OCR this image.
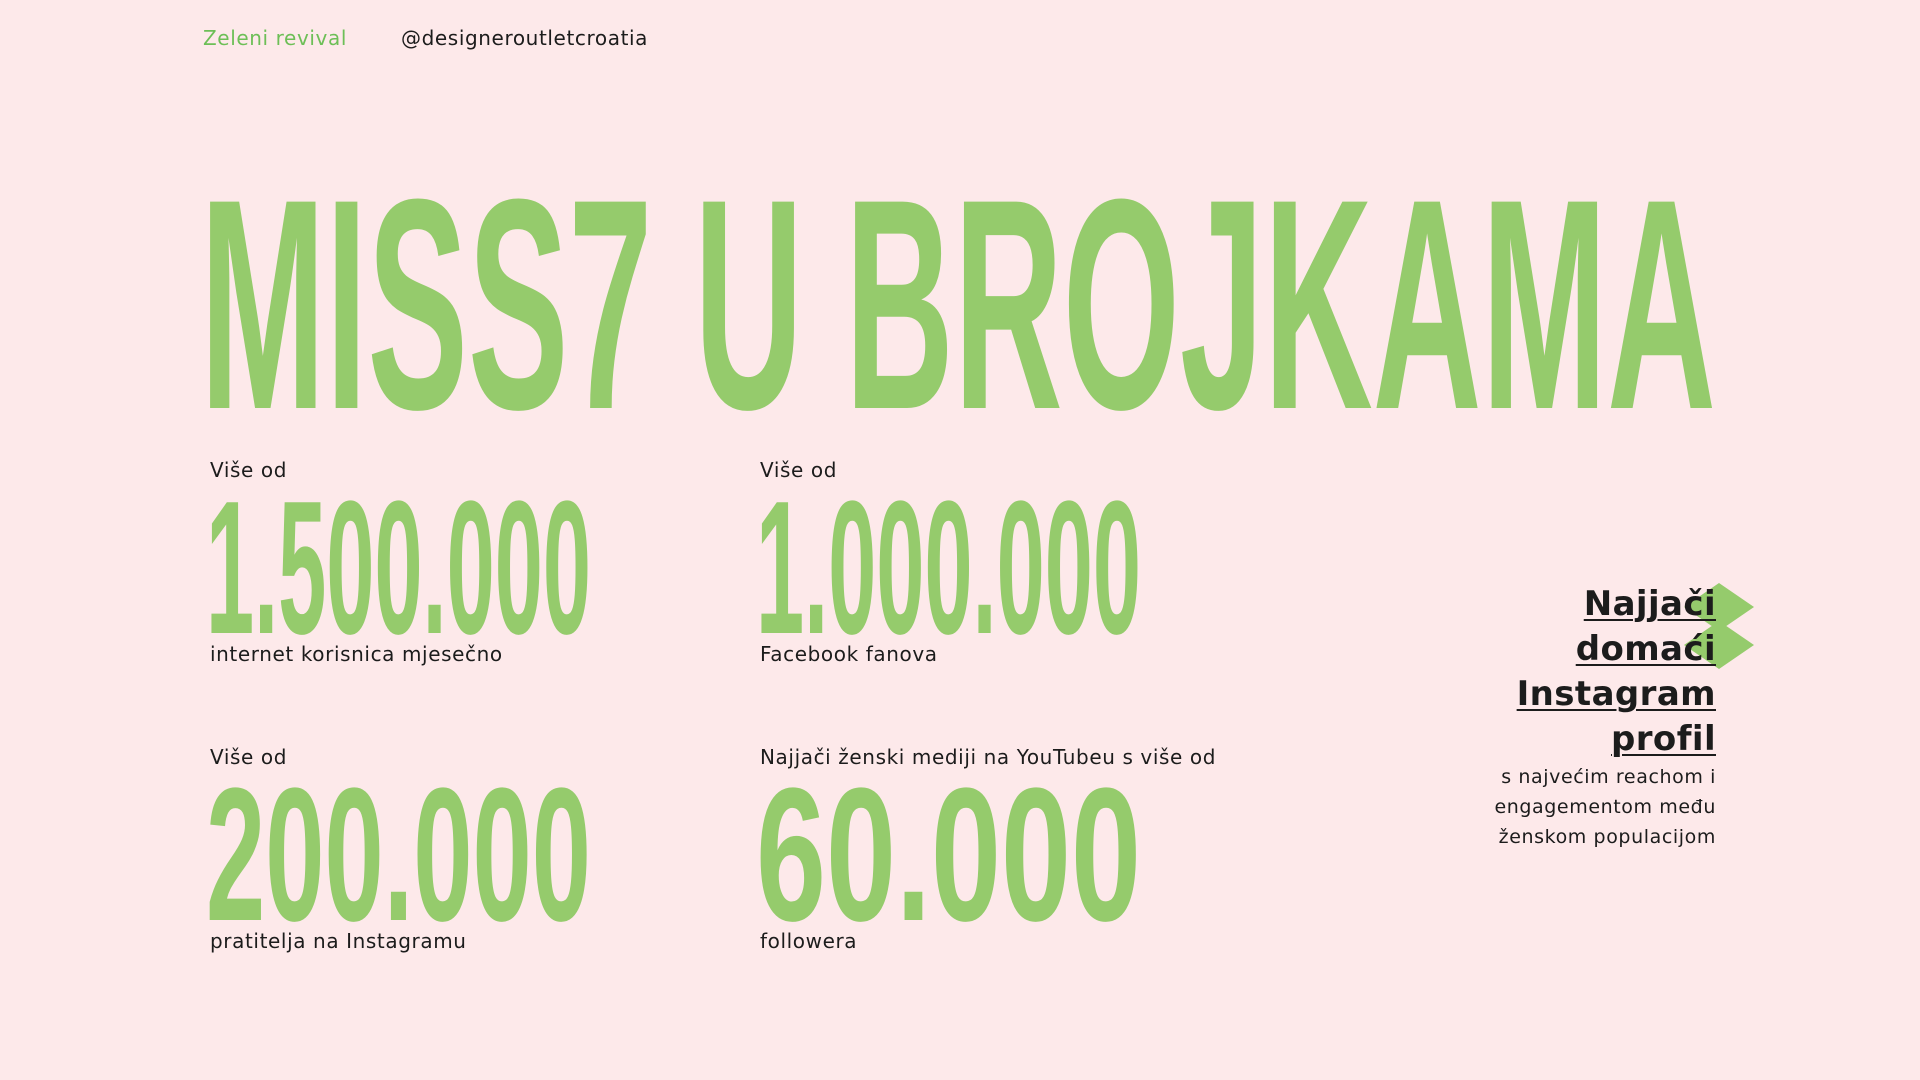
Zeleni revival	@designeroutletcroatia
MISS7 U BROJKAMA
Više od
1.500.000
internet korisnica mjesečno
Više od
1.000.000
Facebook fanova
Više od
200.000
pratitelja na Instagramu
Najjači ženski mediji na YouTubeu s više od
60.000
followera
Najjači
domaći
Instagram
profil
s najvećim reachom i
engagementom među
ženskom populacijom
